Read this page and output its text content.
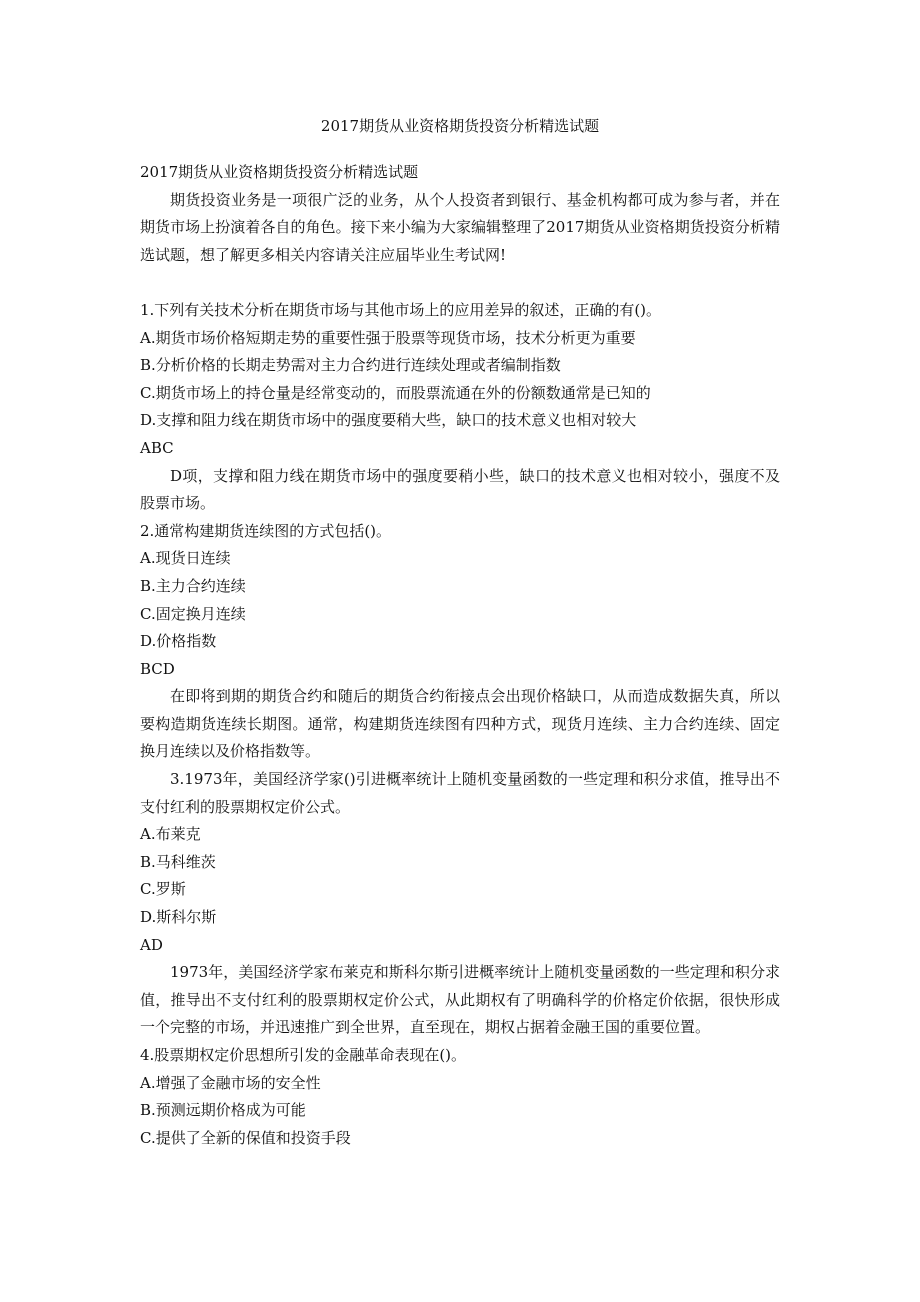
2017期货从业资格期货投资分析精选试题

2017期货从业资格期货投资分析精选试题

期货投资业务是一项很广泛的业务，从个人投资者到银行、基金机构都可成为参与者，并在期货市场上扮演着各自的角色。接下来小编为大家编辑整理了2017期货从业资格期货投资分析精选试题，想了解更多相关内容请关注应届毕业生考试网!

1.下列有关技术分析在期货市场与其他市场上的应用差异的叙述，正确的有()。

A.期货市场价格短期走势的重要性强于股票等现货市场，技术分析更为重要

B.分析价格的长期走势需对主力合约进行连续处理或者编制指数

C.期货市场上的持仓量是经常变动的，而股票流通在外的份额数通常是已知的

D.支撑和阻力线在期货市场中的强度要稍大些，缺口的技术意义也相对较大

ABC

D项，支撑和阻力线在期货市场中的强度要稍小些，缺口的技术意义也相对较小，强度不及股票市场。

2.通常构建期货连续图的方式包括()。

A.现货日连续

B.主力合约连续

C.固定换月连续

D.价格指数

BCD

在即将到期的期货合约和随后的期货合约衔接点会出现价格缺口，从而造成数据失真，所以要构造期货连续长期图。通常，构建期货连续图有四种方式，现货月连续、主力合约连续、固定换月连续以及价格指数等。

3.1973年，美国经济学家()引进概率统计上随机变量函数的一些定理和积分求值，推导出不支付红利的股票期权定价公式。

A.布莱克

B.马科维茨

C.罗斯

D.斯科尔斯

AD

1973年，美国经济学家布莱克和斯科尔斯引进概率统计上随机变量函数的一些定理和积分求值，推导出不支付红利的股票期权定价公式，从此期权有了明确科学的价格定价依据，很快形成一个完整的市场，并迅速推广到全世界，直至现在，期权占据着金融王国的重要位置。

4.股票期权定价思想所引发的金融革命表现在()。

A.增强了金融市场的安全性

B.预测远期价格成为可能

C.提供了全新的保值和投资手段
